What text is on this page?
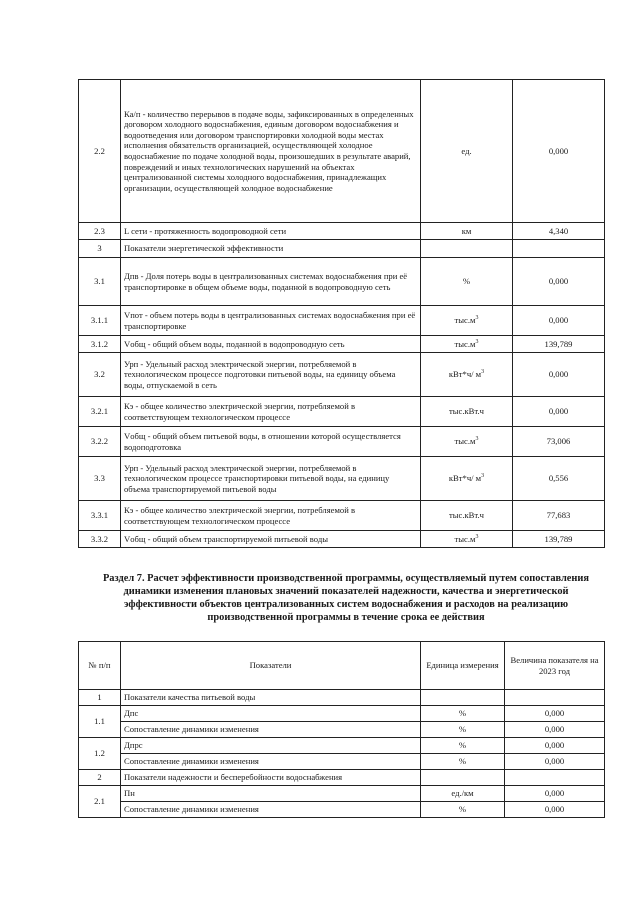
2.2	Ка/п - количество перерывов в подаче воды, зафиксированных в определенных договором холодного водоснабжения, единым договором водоснабжения и водоотведения или договором транспортировки холодной воды местах исполнения обязательств организацией, осуществляющей холодное водоснабжение по подаче холодной воды, произошедших в результате аварий, повреждений и иных технологических нарушений на объектах централизованной системы холодного водоснабжения, принадлежащих организации, осуществляющей холодное водоснабжение	ед.	0,000
2.3	L сети - протяженность водопроводной сети	км	4,340
3	Показатели энергетической эффективности		
3.1	Дпв - Доля потерь воды в централизованных системах водоснабжения при её транспортировке в общем объеме воды, поданной в водопроводную сеть	%	0,000
3.1.1	Vпот - объем потерь воды в централизованных системах водоснабжения при её транспортировке	$тыс.м^3$	0,000
3.1.2	Vобщ - общий объем воды, поданной в водопроводную сеть	$тыс.м^3$	139,789
3.2	Урп - Удельный расход электрической энергии, потребляемой в технологическом процессе подготовки питьевой воды, на единицу объема воды, отпускаемой в сеть	кВт*ч/ $м^3$	0,000
3.2.1	Кэ - общее количество электрической энергии, потребляемой в соответствующем технологическом процессе	тыс.кВт.ч	0,000
3.2.2	Vобщ - общий объем питьевой воды, в отношении которой осуществляется водоподготовка	$тыс.м^3$	73,006
3.3	Урп - Удельный расход электрической энергии, потребляемой в технологическом процессе транспортировки питьевой воды, на единицу объема транспортируемой питьевой воды	кВт*ч/ $м^3$	0,556
3.3.1	Кэ - общее количество электрической энергии, потребляемой в соответствующем технологическом процессе	тыс.кВт.ч	77,683
3.3.2	Vобщ - общий объем транспортируемой питьевой воды	$тыс.м^3$	139,789
Раздел 7. Расчет эффективности производственной программы, осуществляемый путем сопоставления динамики изменения плановых значений показателей надежности, качества и энергетической эффективности объектов централизованных систем водоснабжения и расходов на реализацию производственной программы в течение срока ее действия
№ п/п	Показатели	Единица измерения	Величина показателя на 2023 год
1	Показатели качества питьевой воды		
1.1	Дпс	%	0,000
	Сопоставление динамики изменения	%	0,000
1.2	Дпрс	%	0,000
	Сопоставление динамики изменения	%	0,000
2	Показатели надежности и бесперебойности водоснабжения		
2.1	Пн	ед./км	0,000
	Сопоставление динамики изменения	%	0,000
